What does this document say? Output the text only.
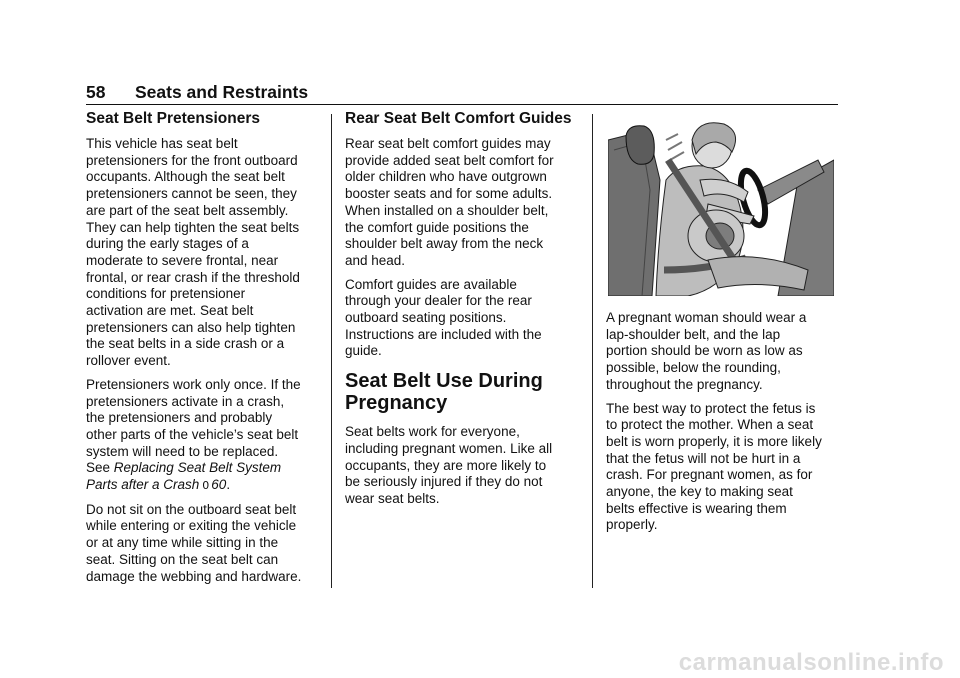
58 Seats and Restraints
Seat Belt Pretensioners

This vehicle has seat belt
pretensioners for the front outboard
occupants. Although the seat belt
pretensioners cannot be seen, they
are part of the seat belt assembly.
They can help tighten the seat belts
during the early stages of a
moderate to severe frontal, near
frontal, or rear crash if the threshold
conditions for pretensioner
activation are met. Seat belt
pretensioners can also help tighten
the seat belts in a side crash or a
rollover event.

Pretensioners work only once. If the
pretensioners activate in a crash,
the pretensioners and probably
other parts of the vehicle’s seat belt
system will need to be replaced.
See Replacing Seat Belt System
Parts after a Crash 0 60.

Do not sit on the outboard seat belt
while entering or exiting the vehicle
or at any time while sitting in the
seat. Sitting on the seat belt can
damage the webbing and hardware.

Rear Seat Belt Comfort Guides

Rear seat belt comfort guides may
provide added seat belt comfort for
older children who have outgrown
booster seats and for some adults.
When installed on a shoulder belt,
the comfort guide positions the
shoulder belt away from the neck
and head.

Comfort guides are available
through your dealer for the rear
outboard seating positions.
Instructions are included with the
guide.

Seat Belt Use During
Pregnancy

Seat belts work for everyone,
including pregnant women. Like all
occupants, they are more likely to
be seriously injured if they do not
wear seat belts.

A pregnant woman should wear a
lap-shoulder belt, and the lap
portion should be worn as low as
possible, below the rounding,
throughout the pregnancy.

The best way to protect the fetus is
to protect the mother. When a seat
belt is worn properly, it is more likely
that the fetus will not be hurt in a
crash. For pregnant women, as for
anyone, the key to making seat
belts effective is wearing them
properly.

carmanualsonline.info
